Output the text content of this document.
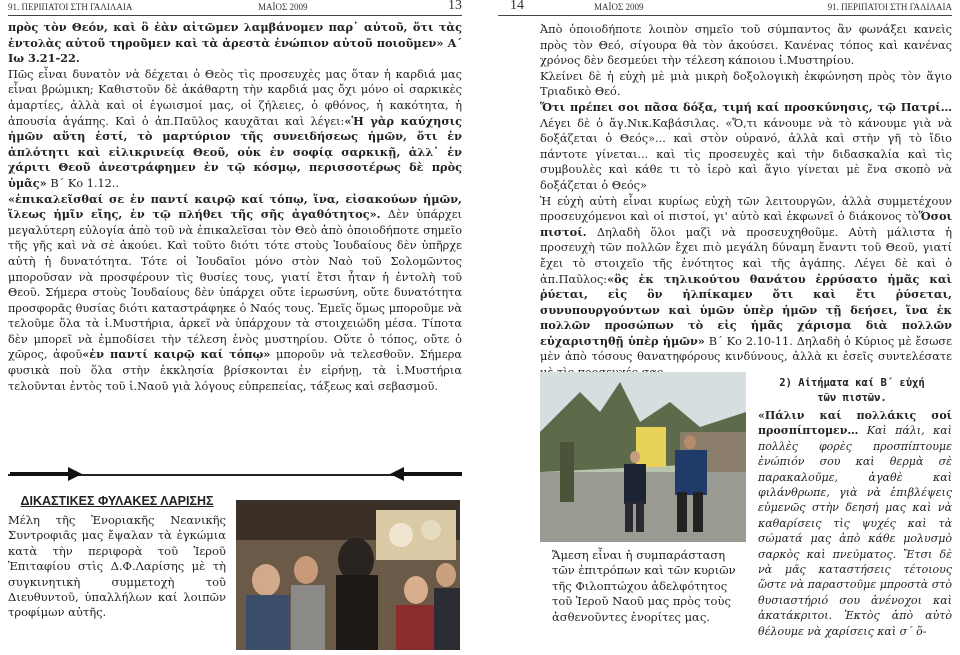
91. ΠΕΡΙΠΑΤΟΙ ΣΤΗ ΓΑΛΙΛΑΙΑ	ΜΑΪΟΣ 2009	13

πρὸς τὸν Θεόν, καὶ ὃ ἐὰν αἰτῶμεν λαμβάνομεν παρ᾿ αὐτοῦ, ὅτι τὰς ἐντολὰς αὐτοῦ τηροῦμεν καὶ τὰ ἀρεστὰ ἐνώπιον αὐτοῦ ποιοῦμεν» Α΄ Ιω 3.21-22.

Πῶς εἶναι δυνατὸν νὰ δέχεται ὁ Θεὸς τὶς προσευχὲς μας ὅταν ἡ καρδιά μας εἶναι βρώμικη; Καθιστοῦν δὲ ἀκάθαρτη τὴν καρδιά μας ὄχι μόνο οἱ σαρκικὲς ἁμαρτίες, ἀλλὰ καὶ οἱ ἐγωισμοί μας, οἱ ζήλειες, ὁ φθόνος, ἡ κακότητα, ἡ ἀπουσία ἀγάπης. Καὶ ὁ ἀπ.Παῦλος καυχᾶται καὶ λέγει:«Ἡ γὰρ καύχησις ἡμῶν αὕτη ἐστί, τὸ μαρτύριον τῆς συνειδήσεως ἡμῶν, ὅτι ἐν ἁπλότητι καὶ εἰλικρινείᾳ Θεοῦ, οὐκ ἐν σοφίᾳ σαρκικῇ, ἀλλ᾿ ἐν χάριτι Θεοῦ ἀνεστράφημεν ἐν τῷ κόσμῳ, περισσοτέρως δὲ πρὸς ὑμᾶς» Β΄ Κο 1.12..

«ἐπικαλεῖσθαί σε ἐν παντί καιρῷ καί τόπῳ, ἵνα, εἰσακούων ἡμῶν, ἵλεως ἡμῖν εἴης, ἐν τῷ πλήθει τῆς σῆς ἀγαθότητος». Δὲν ὑπάρχει μεγαλύτερη εὐλογία ἀπὸ τοῦ νὰ ἐπικαλεῖσαι τὸν Θεὸ ἀπὸ ὁποιοδήποτε σημεῖο τῆς γῆς καὶ νὰ σὲ ἀκούει. Καὶ τοῦτο διότι τότε στοὺς Ἰουδαίους δὲν ὑπῆρχε αὐτὴ ἡ δυνατότητα. Τότε οἱ Ἰουδαῖοι μόνο στὸν Ναὸ τοῦ Σολομῶντος μποροῦσαν νὰ προσφέρουν τὶς θυσίες τους, γιατί ἔτσι ἦταν ἡ ἐντολὴ τοῦ Θεοῦ. Σήμερα στοὺς Ἰουδαίους δὲν ὑπάρχει οὔτε ἱερωσύνη, οὔτε δυνατότητα προσφορᾶς θυσίας διότι καταστράφηκε ὁ Ναός τους. Ἐμεῖς ὅμως μποροῦμε νὰ τελοῦμε ὅλα τὰ ἱ.Μυστήρια, ἀρκεῖ νὰ ὑπάρχουν τὰ στοιχειώδη μέσα. Τίποτα δὲν μπορεῖ νὰ ἐμποδίσει τὴν τέλεση ἑνὸς μυστηρίου. Οὔτε ὁ τόπος, οὔτε ὁ χῶρος, ἀφοῦ«ἐν παντί καιρῷ καί τόπῳ» μποροῦν νὰ τελεσθοῦν. Σήμερα φυσικὰ ποὺ ὅλα στὴν ἐκκλησία βρίσκονται ἐν εἰρήνῃ, τὰ ἱ.Μυστήρια τελοῦνται ἐντὸς τοῦ ἱ.Ναοῦ γιὰ λόγους εὐπρεπείας, τάξεως καὶ σεβασμοῦ.

ΔΙΚΑΣΤΙΚΕΣ ΦΥΛΑΚΕΣ ΛΑΡΙΣΗΣ
Μέλη τῆς Ἐνοριακῆς Νεανικῆς Συντροφιᾶς μας ἔψαλαν τὰ ἐγκώμια κατὰ τὴν περιφορὰ τοῦ Ἱεροῦ Ἐπιταφίου στὶς Δ.Φ.Λαρίσης μὲ τὴ συγκινητικὴ συμμετοχὴ τοῦ Διευθυντοῦ, ὑπαλλήλων καί λοιπῶν τροφίμων αὐτῆς.
14	ΜΑΪΟΣ 2009	91. ΠΕΡΙΠΑΤΟΙ ΣΤΗ ΓΑΛΙΛΑΙΑ

Ἀπὸ ὁποιοδήποτε λοιπὸν σημεῖο τοῦ σύμπαντος ἂν φωνάξει κανεὶς πρὸς τὸν Θεό, σίγουρα θὰ τὸν ἀκούσει. Κανένας τόπος καὶ κανένας χρόνος δὲν δεσμεύει τὴν τέλεση κάποιου ἱ.Μυστηρίου.

Κλείνει δὲ ἡ εὐχὴ μὲ μιὰ μικρὴ δοξολογικὴ ἐκφώνηση πρὸς τὸν ἅγιο Τριαδικὸ Θεό.

Ὅτι πρέπει σοι πᾶσα δόξα, τιμή καί προσκύνησις, τῷ Πατρί… Λέγει δὲ ὁ ἅγ.Νικ.Καβάσιλας. «Ὅ,τι κάνουμε νὰ τὸ κάνουμε γιὰ νὰ δοξάζεται ὁ Θεός»... καὶ στὸν οὐρανό, ἀλλὰ καὶ στὴν γῆ τὸ ἴδιο πάντοτε γίνεται... καὶ τὶς προσευχὲς καὶ τὴν διδασκαλία καὶ τὶς συμβουλὲς καὶ κάθε τι τὸ ἱερὸ καὶ ἅγιο γίνεται μὲ ἕνα σκοπὸ νὰ δοξάζεται ὁ Θεός»

Ἡ εὐχὴ αὐτὴ εἶναι κυρίως εὐχὴ τῶν λειτουργῶν, ἀλλὰ συμμετέχουν προσευχόμενοι καὶ οἱ πιστοί, γι' αὐτὸ καὶ ἐκφωνεῖ ὁ διάκονος τὸὍσοι πιστοί. Δηλαδὴ ὅλοι μαζὶ νὰ προσευχηθοῦμε. Αὐτὴ μάλιστα ἡ προσευχὴ τῶν πολλῶν ἔχει πιὸ μεγάλη δύναμη ἔναντι τοῦ Θεοῦ, γιατί ἔχει τὸ στοιχεῖο τῆς ἑνότητος καὶ τῆς ἀγάπης. Λέγει δὲ καὶ ὁ ἀπ.Παῦλος:«ὃς ἐκ τηλικούτου θανάτου ἐρρύσατο ἡμᾶς καὶ ῥύεται, εἰς ὃν ἠλπίκαμεν ὅτι καὶ ἔτι ῥύσεται, συνυπουργούντων καὶ ὑμῶν ὑπὲρ ἡμῶν τῇ δεήσει, ἵνα ἐκ πολλῶν προσώπων τὸ εἰς ἡμᾶς χάρισμα διὰ πολλῶν εὐχαριστηθῇ ὑπὲρ ἡμῶν» Β΄ Κο 2.10-11. Δηλαδὴ ὁ Κύριος μὲ ἔσωσε μὲν ἀπὸ τόσους θανατηφόρους κινδύνους, ἀλλὰ κι ἐσεῖς συντελέσατε

Ἄμεση εἶναι ἡ συμπαράσταση τῶν ἐπιτρόπων καὶ τῶν κυριῶν τῆς Φιλοπτώχου ἀδελφότητος τοῦ Ἱεροῦ Ναοῦ μας πρὸς τοὺς ἀσθενοῦντες ἐνορίτες μας.
2) Αἰτήματα καί Β΄ εὐχή
τῶν πιστῶν.
«Πάλιν καί πολλάκις σοί προσπίπτομεν… Καὶ πάλι, καὶ πολλὲς φορὲς προσπίπτουμε ἐνώπιόν σου καὶ θερμὰ σὲ παρακαλοῦμε, ἀγαθὲ καὶ φιλάνθρωπε, γιὰ νὰ ἐπιβλέψεις εὐμενῶς στὴν δεησή μας καὶ νὰ καθαρίσεις τὶς ψυχές καὶ τὰ σώματά μας ἀπὸ κάθε μολυσμὸ σαρκὸς καὶ πνεύματος. Ἔτσι δὲ νὰ μᾶς καταστήσεις τέτοιους ὥστε νὰ παραστοῦμε μπροστὰ στὸ θυσιαστήριό σου ἀνένοχοι καὶ ἀκατάκριτοι. Ἐκτὸς ἀπὸ αὐτὸ θέλουμε νὰ χαρίσεις καὶ σ΄ ὅ-
